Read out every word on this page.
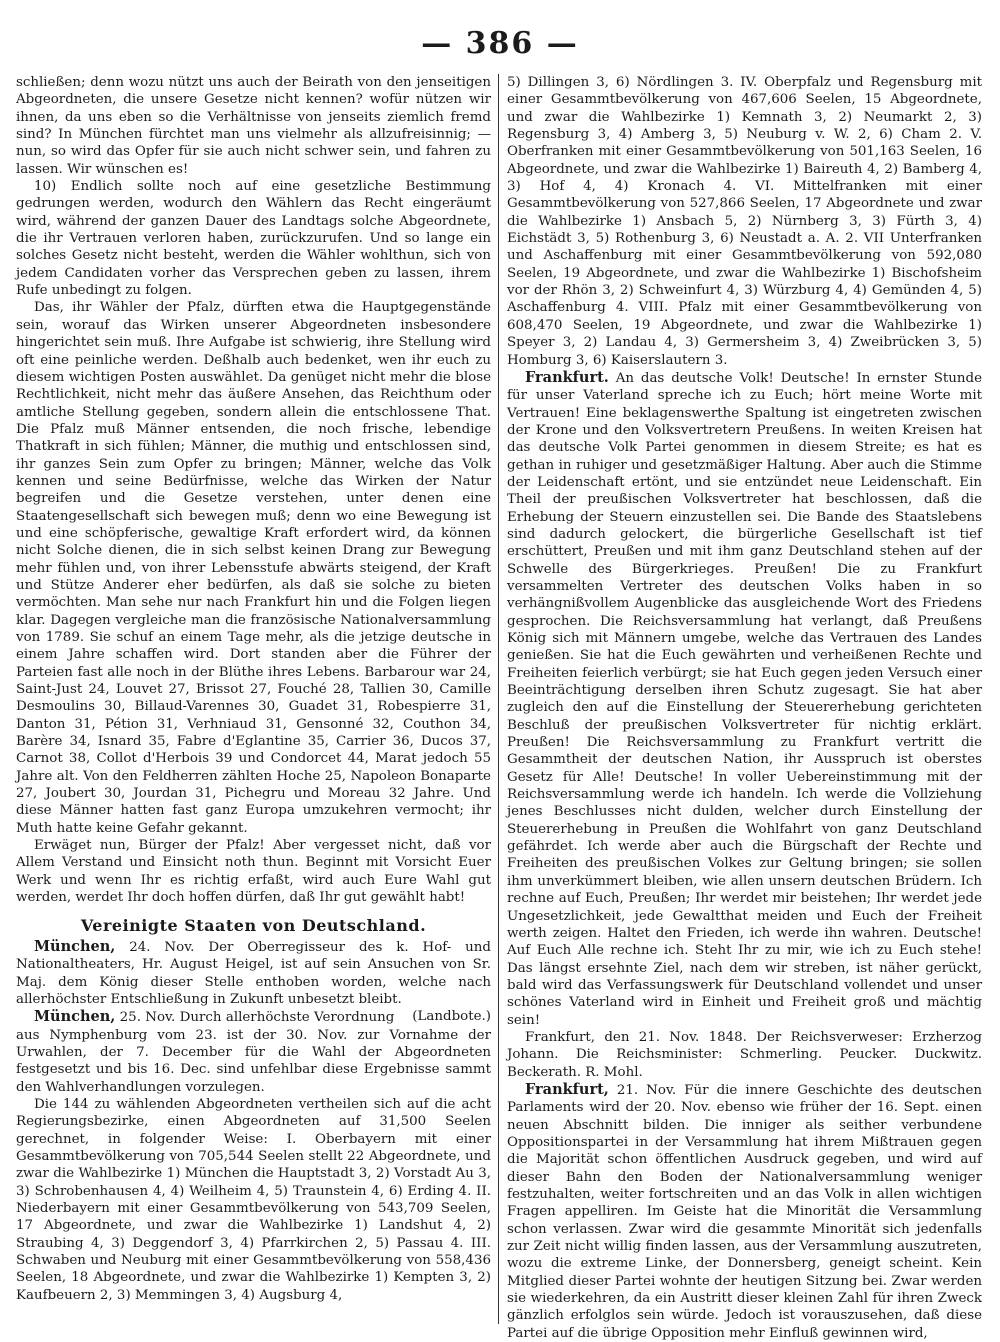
— 386 —

schließen; denn wozu nützt uns auch der Beirath von den jenseitigen Abgeordneten, die unsere Gesetze nicht kennen? wofür nützen wir ihnen, da uns eben so die Verhältnisse von jenseits ziemlich fremd sind? In München fürchtet man uns vielmehr als allzufreisinnig; — nun, so wird das Opfer für sie auch nicht schwer sein, und fahren zu lassen. Wir wünschen es!

10) Endlich sollte noch auf eine gesetzliche Bestimmung gedrungen werden, wodurch den Wählern das Recht eingeräumt wird, während der ganzen Dauer des Landtags solche Abgeordnete, die ihr Vertrauen verloren haben, zurückzurufen. Und so lange ein solches Gesetz nicht besteht, werden die Wähler wohlthun, sich von jedem Candidaten vorher das Versprechen geben zu lassen, ihrem Rufe unbedingt zu folgen.

Das, ihr Wähler der Pfalz, dürften etwa die Hauptgegenstände sein, worauf das Wirken unserer Abgeordneten insbesondere hingerichtet sein muß. Ihre Aufgabe ist schwierig, ihre Stellung wird oft eine peinliche werden. Deßhalb auch bedenket, wen ihr euch zu diesem wichtigen Posten auswählet. Da genüget nicht mehr die blose Rechtlichkeit, nicht mehr das äußere Ansehen, das Reichthum oder amtliche Stellung gegeben, sondern allein die entschlossene That. Die Pfalz muß Männer entsenden, die noch frische, lebendige Thatkraft in sich fühlen; Männer, die muthig und entschlossen sind, ihr ganzes Sein zum Opfer zu bringen; Männer, welche das Volk kennen und seine Bedürfnisse, welche das Wirken der Natur begreifen und die Gesetze verstehen, unter denen eine Staatengesellschaft sich bewegen muß; denn wo eine Bewegung ist und eine schöpferische, gewaltige Kraft erfordert wird, da können nicht Solche dienen, die in sich selbst keinen Drang zur Bewegung mehr fühlen und, von ihrer Lebensstufe abwärts steigend, der Kraft und Stütze Anderer eher bedürfen, als daß sie solche zu bieten vermöchten. Man sehe nur nach Frankfurt hin und die Folgen liegen klar. Dagegen vergleiche man die französische Nationalversammlung von 1789. Sie schuf an einem Tage mehr, als die jetzige deutsche in einem Jahre schaffen wird. Dort standen aber die Führer der Parteien fast alle noch in der Blüthe ihres Lebens. Barbarour war 24, Saint-Just 24, Louvet 27, Brissot 27, Fouché 28, Tallien 30, Camille Desmoulins 30, Billaud-Varennes 30, Guadet 31, Robespierre 31, Danton 31, Pétion 31, Verhniaud 31, Gensonné 32, Couthon 34, Barère 34, Isnard 35, Fabre d'Eglantine 35, Carrier 36, Ducos 37, Carnot 38, Collot d'Herbois 39 und Condorcet 44, Marat jedoch 55 Jahre alt. Von den Feldherren zählten Hoche 25, Napoleon Bonaparte 27, Joubert 30, Jourdan 31, Pichegru und Moreau 32 Jahre. Und diese Männer hatten fast ganz Europa umzukehren vermocht; ihr Muth hatte keine Gefahr gekannt.

Erwäget nun, Bürger der Pfalz! Aber vergesset nicht, daß vor Allem Verstand und Einsicht noth thun. Beginnt mit Vorsicht Euer Werk und wenn Ihr es richtig erfaßt, wird auch Eure Wahl gut werden, werdet Ihr doch hoffen dürfen, daß Ihr gut gewählt habt!

Vereinigte Staaten von Deutschland.

München, 24. Nov. Der Oberregisseur des k. Hof- und Nationaltheaters, Hr. August Heigel, ist auf sein Ansuchen von Sr. Maj. dem König dieser Stelle enthoben worden, welche nach allerhöchster Entschließung in Zukunft unbesetzt bleibt.
(Landbote.)

München, 25. Nov. Durch allerhöchste Verordnung aus Nymphenburg vom 23. ist der 30. Nov. zur Vornahme der Urwahlen, der 7. December für die Wahl der Abgeordneten festgesetzt und bis 16. Dec. sind unfehlbar diese Ergebnisse sammt den Wahlverhandlungen vorzulegen.

Die 144 zu wählenden Abgeordneten vertheilen sich auf die acht Regierungsbezirke, einen Abgeordneten auf 31,500 Seelen gerechnet, in folgender Weise: I. Oberbayern mit einer Gesammtbevölkerung von 705,544 Seelen stellt 22 Abgeordnete, und zwar die Wahlbezirke 1) München die Hauptstadt 3, 2) Vorstadt Au 3, 3) Schrobenhausen 4, 4) Weilheim 4, 5) Traunstein 4, 6) Erding 4. II. Niederbayern mit einer Gesammtbevölkerung von 543,709 Seelen, 17 Abgeordnete, und zwar die Wahlbezirke 1) Landshut 4, 2) Straubing 4, 3) Deggendorf 3, 4) Pfarrkirchen 2, 5) Passau 4. III. Schwaben und Neuburg mit einer Gesammtbevölkerung von 558,436 Seelen, 18 Abgeordnete, und zwar die Wahlbezirke 1) Kempten 3, 2) Kaufbeuern 2, 3) Memmingen 3, 4) Augsburg 4,

5) Dillingen 3, 6) Nördlingen 3. IV. Oberpfalz und Regensburg mit einer Gesammtbevölkerung von 467,606 Seelen, 15 Abgeordnete, und zwar die Wahlbezirke 1) Kemnath 3, 2) Neumarkt 2, 3) Regensburg 3, 4) Amberg 3, 5) Neuburg v. W. 2, 6) Cham 2. V. Oberfranken mit einer Gesammtbevölkerung von 501,163 Seelen, 16 Abgeordnete, und zwar die Wahlbezirke 1) Baireuth 4, 2) Bamberg 4, 3) Hof 4, 4) Kronach 4. VI. Mittelfranken mit einer Gesammtbevölkerung von 527,866 Seelen, 17 Abgeordnete und zwar die Wahlbezirke 1) Ansbach 5, 2) Nürnberg 3, 3) Fürth 3, 4) Eichstädt 3, 5) Rothenburg 3, 6) Neustadt a. A. 2. VII Unterfranken und Aschaffenburg mit einer Gesammtbevölkerung von 592,080 Seelen, 19 Abgeordnete, und zwar die Wahlbezirke 1) Bischofsheim vor der Rhön 3, 2) Schweinfurt 4, 3) Würzburg 4, 4) Gemünden 4, 5) Aschaffenburg 4. VIII. Pfalz mit einer Gesammtbevölkerung von 608,470 Seelen, 19 Abgeordnete, und zwar die Wahlbezirke 1) Speyer 3, 2) Landau 4, 3) Germersheim 3, 4) Zweibrücken 3, 5) Homburg 3, 6) Kaiserslautern 3.

Frankfurt. An das deutsche Volk! Deutsche! In ernster Stunde für unser Vaterland spreche ich zu Euch; hört meine Worte mit Vertrauen! Eine beklagenswerthe Spaltung ist eingetreten zwischen der Krone und den Volksvertretern Preußens. In weiten Kreisen hat das deutsche Volk Partei genommen in diesem Streite; es hat es gethan in ruhiger und gesetzmäßiger Haltung. Aber auch die Stimme der Leidenschaft ertönt, und sie entzündet neue Leidenschaft. Ein Theil der preußischen Volksvertreter hat beschlossen, daß die Erhebung der Steuern einzustellen sei. Die Bande des Staatslebens sind dadurch gelockert, die bürgerliche Gesellschaft ist tief erschüttert, Preußen und mit ihm ganz Deutschland stehen auf der Schwelle des Bürgerkrieges. Preußen! Die zu Frankfurt versammelten Vertreter des deutschen Volks haben in so verhängnißvollem Augenblicke das ausgleichende Wort des Friedens gesprochen. Die Reichsversammlung hat verlangt, daß Preußens König sich mit Männern umgebe, welche das Vertrauen des Landes genießen. Sie hat die Euch gewährten und verheißenen Rechte und Freiheiten feierlich verbürgt; sie hat Euch gegen jeden Versuch einer Beeinträchtigung derselben ihren Schutz zugesagt. Sie hat aber zugleich den auf die Einstellung der Steuererhebung gerichteten Beschluß der preußischen Volksvertreter für nichtig erklärt. Preußen! Die Reichsversammlung zu Frankfurt vertritt die Gesammtheit der deutschen Nation, ihr Ausspruch ist oberstes Gesetz für Alle! Deutsche! In voller Uebereinstimmung mit der Reichsversammlung werde ich handeln. Ich werde die Vollziehung jenes Beschlusses nicht dulden, welcher durch Einstellung der Steuererhebung in Preußen die Wohlfahrt von ganz Deutschland gefährdet. Ich werde aber auch die Bürgschaft der Rechte und Freiheiten des preußischen Volkes zur Geltung bringen; sie sollen ihm unverkümmert bleiben, wie allen unsern deutschen Brüdern. Ich rechne auf Euch, Preußen; Ihr werdet mir beistehen; Ihr werdet jede Ungesetzlichkeit, jede Gewaltthat meiden und Euch der Freiheit werth zeigen. Haltet den Frieden, ich werde ihn wahren. Deutsche! Auf Euch Alle rechne ich. Steht Ihr zu mir, wie ich zu Euch stehe! Das längst ersehnte Ziel, nach dem wir streben, ist näher gerückt, bald wird das Verfassungswerk für Deutschland vollendet und unser schönes Vaterland wird in Einheit und Freiheit groß und mächtig sein!

Frankfurt, den 21. Nov. 1848. Der Reichsverweser: Erzherzog Johann. Die Reichsminister: Schmerling. Peucker. Duckwitz. Beckerath. R. Mohl.

Frankfurt, 21. Nov. Für die innere Geschichte des deutschen Parlaments wird der 20. Nov. ebenso wie früher der 16. Sept. einen neuen Abschnitt bilden. Die inniger als seither verbundene Oppositionspartei in der Versammlung hat ihrem Mißtrauen gegen die Majorität schon öffentlichen Ausdruck gegeben, und wird auf dieser Bahn den Boden der Nationalversammlung weniger festzuhalten, weiter fortschreiten und an das Volk in allen wichtigen Fragen appelliren. Im Geiste hat die Minorität die Versammlung schon verlassen. Zwar wird die gesammte Minorität sich jedenfalls zur Zeit nicht willig finden lassen, aus der Versammlung auszutreten, wozu die extreme Linke, der Donnersberg, geneigt scheint. Kein Mitglied dieser Partei wohnte der heutigen Sitzung bei. Zwar werden sie wiederkehren, da ein Austritt dieser kleinen Zahl für ihren Zweck gänzlich erfolglos sein würde. Jedoch ist vorauszusehen, daß diese Partei auf die übrige Opposition mehr Einfluß gewinnen wird,
